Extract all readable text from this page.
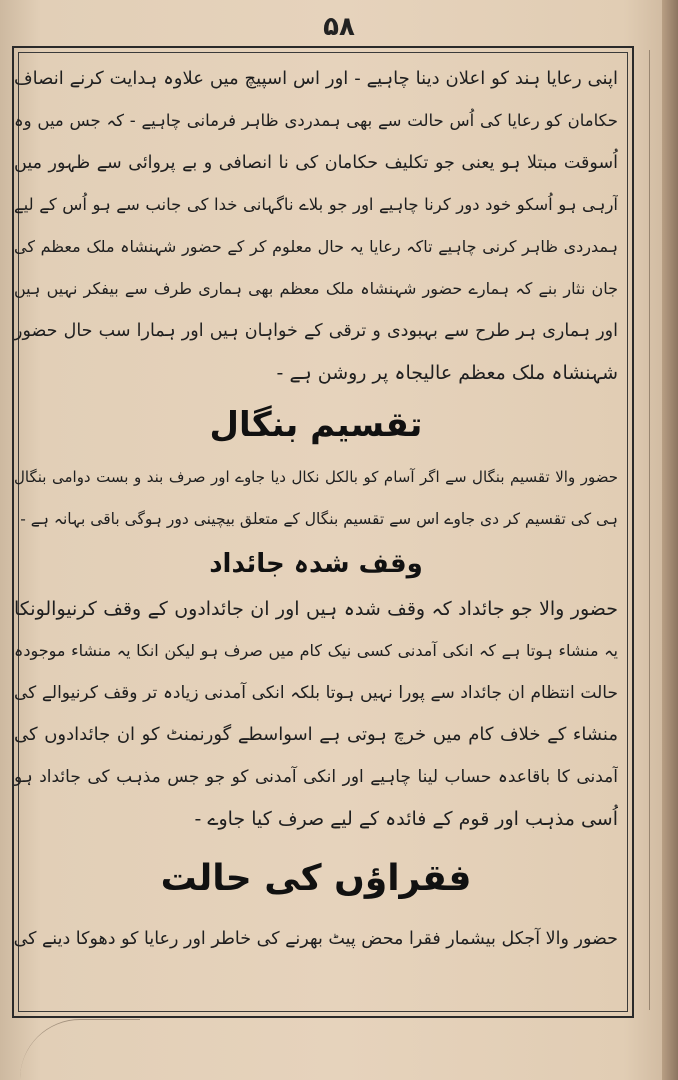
۵۸
اپنی رعایا ہند کو اعلان دینا چاہیے - اور اس اسپیچ میں علاوہ ہدایت کرنے انصاف
حکامان کو رعایا کی اُس حالت سے بھی ہمدردی ظاہر فرمانی چاہیے - کہ جس میں وہ
اُسوقت مبتلا ہو یعنی جو تکلیف حکامان کی نا انصافی و بے پروائی سے ظہور میں
آرہی ہو اُسکو خود دور کرنا چاہیے اور جو بلاے ناگہانی خدا کی جانب سے ہو اُس کے لیے
ہمدردی ظاہر کرنی چاہیے تاکہ رعایا یہ حال معلوم کر کے حضور شہنشاہ ملک معظم کی
جان نثار بنے کہ ہمارے حضور شہنشاہ ملک معظم بھی ہماری طرف سے بیفکر نہیں ہیں
اور ہماری ہر طرح سے بہبودی و ترقی کے خواہان ہیں اور ہمارا سب حال حضور
شہنشاہ ملک معظم عالیجاہ پر روشن ہے -
تقسیم بنگال
حضور والا تقسیم بنگال سے اگر آسام کو بالکل نکال دیا جاوے اور صرف بند و بست دوامی بنگال
ہی کی تقسیم کر دی جاوے اس سے تقسیم بنگال کے متعلق بیچینی دور ہوگی باقی بہانہ ہے -
وقف شدہ جائداد
حضور والا جو جائداد کہ وقف شدہ ہیں اور ان جائدادوں کے وقف کرنیوالونکا
یہ منشاء ہوتا ہے کہ انکی آمدنی کسی نیک کام میں صرف ہو لیکن انکا یہ منشاء موجودہ
حالت انتظام ان جائداد سے پورا نہیں ہوتا بلکہ انکی آمدنی زیادہ تر وقف کرنیوالے کی
منشاء کے خلاف کام میں خرچ ہوتی ہے اسواسطے گورنمنٹ کو ان جائدادوں کی
آمدنی کا باقاعدہ حساب لینا چاہیے اور انکی آمدنی کو جو جس مذہب کی جائداد ہو
اُسی مذہب اور قوم کے فائدہ کے لیے صرف کیا جاوے -
فقراؤں کی حالت
حضور والا آجکل بیشمار فقرا محض پیٹ بھرنے کی خاطر اور رعایا کو دھوکا دینے کی
